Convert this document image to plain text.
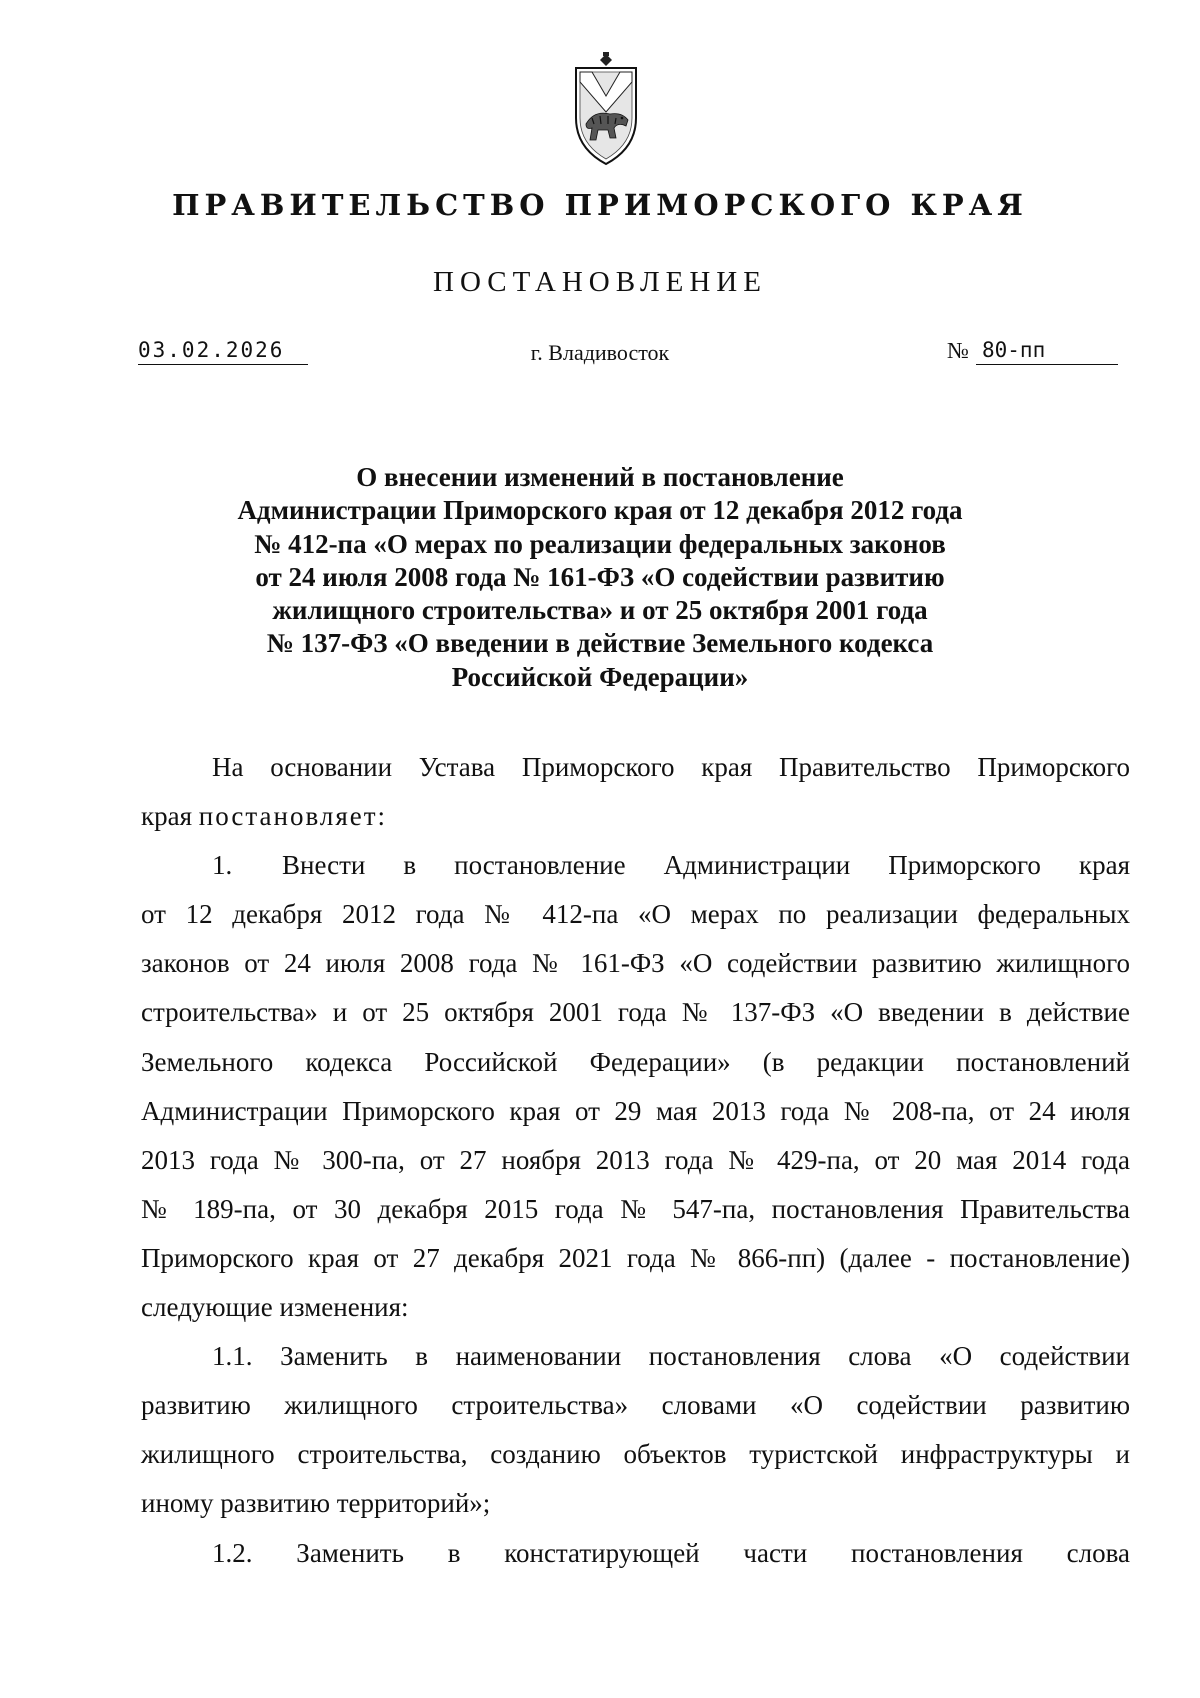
ПРАВИТЕЛЬСТВО ПРИМОРСКОГО КРАЯ
ПОСТАНОВЛЕНИЕ
03.02.2026	г. Владивосток	№ 80-пп
О внесении изменений в постановление
Администрации Приморского края от 12 декабря 2012 года
№ 412-па «О мерах по реализации федеральных законов
от 24 июля 2008 года № 161-ФЗ «О содействии развитию
жилищного строительства» и от 25 октября 2001 года
№ 137-ФЗ «О введении в действие Земельного кодекса
Российской Федерации»
На основании Устава Приморского края Правительство Приморского
края постановляет:
1.	Внести в постановление Администрации Приморского края
от 12 декабря 2012 года № 412-па «О мерах по реализации федеральных
законов от 24 июля 2008 года № 161-ФЗ «О содействии развитию жилищного
строительства» и от 25 октября 2001 года № 137-ФЗ «О введении в действие
Земельного кодекса Российской Федерации» (в редакции постановлений
Администрации Приморского края от 29 мая 2013 года № 208-па, от 24 июля
2013 года № 300-па, от 27 ноября 2013 года № 429-па, от 20 мая 2014 года
№ 189-па, от 30 декабря 2015 года № 547-па, постановления Правительства
Приморского края от 27 декабря 2021 года № 866-пп) (далее - постановление)
следующие изменения:
1.1. Заменить в наименовании постановления слова «О содействии
развитию жилищного строительства» словами «О содействии развитию
жилищного строительства, созданию объектов туристской инфраструктуры и
иному развитию территорий»;
1.2. Заменить в констатирующей части постановления слова
